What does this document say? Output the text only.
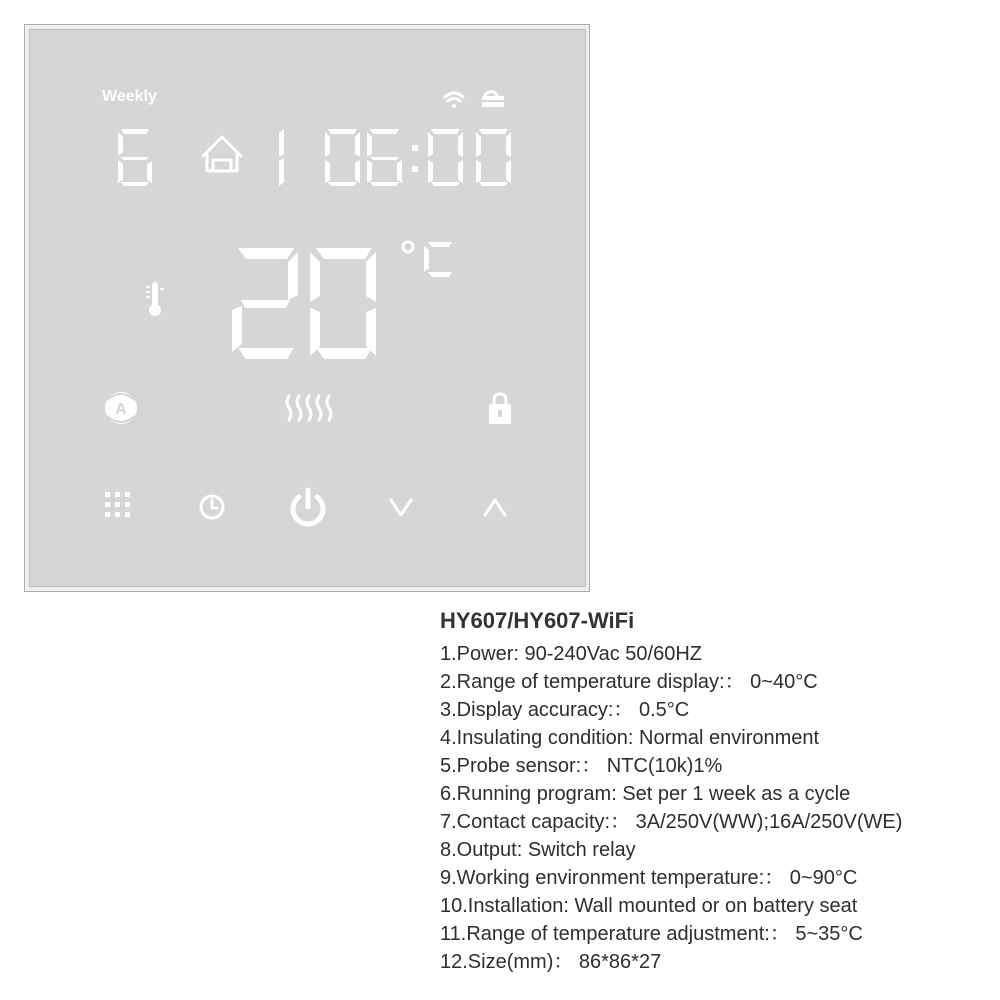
Weekly
A
HY607/HY607-WiFi
1.Power: 90-240Vac 50/60HZ
2.Range of temperature display:： 0~40°C
3.Display accuracy:： 0.5°C
4.Insulating condition: Normal environment
5.Probe sensor:： NTC(10k)1%
6.Running program: Set per 1 week as a cycle
7.Contact capacity:： 3A/250V(WW);16A/250V(WE)
8.Output: Switch relay
9.Working environment temperature:： 0~90°C
10.Installation: Wall mounted or on battery seat
11.Range of temperature adjustment:： 5~35°C
12.Size(mm)： 86*86*27
